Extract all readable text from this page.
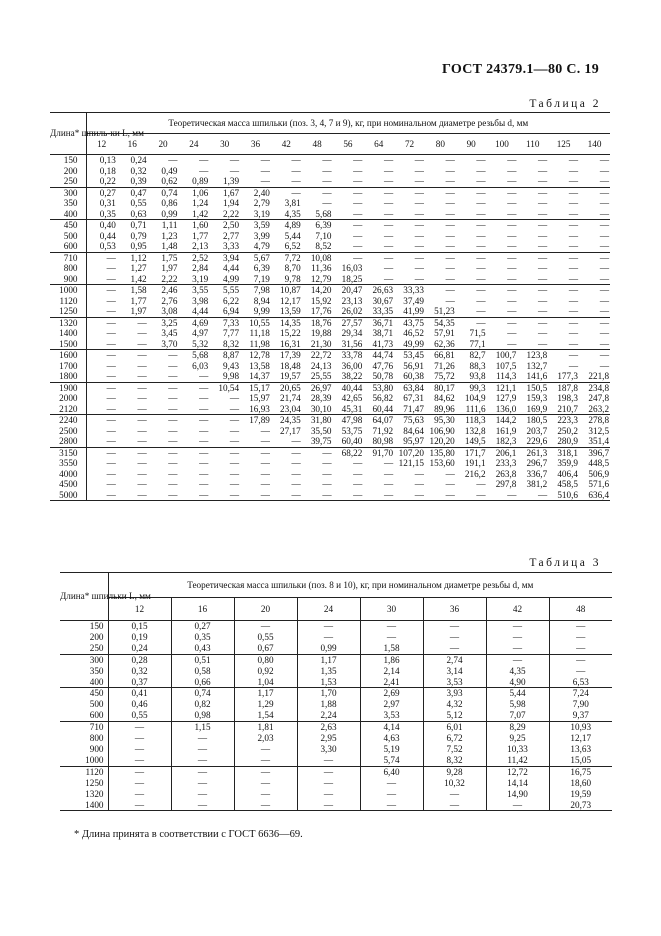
ГОСТ 24379.1—80 С. 19
Таблица 2
Длина* шпиль-ки L, мм	Теоретическая масса шпильки (поз. 3, 4, 7 и 9), кг, при номинальном диаметре резьбы d, мм																
	12	16	20	24	30	36	42	48	56	64	72	80	90	100	110	125	140
150	0,13	0,24	—	—	—	—	—	—	—	—	—	—	—	—	—	—	—
200	0,18	0,32	0,49	—	—	—	—	—	—	—	—	—	—	—	—	—	—
250	0,22	0,39	0,62	0,89	1,39	—	—	—	—	—	—	—	—	—	—	—	—
300	0,27	0,47	0,74	1,06	1,67	2,40	—	—	—	—	—	—	—	—	—	—	—
350	0,31	0,55	0,86	1,24	1,94	2,79	3,81	—	—	—	—	—	—	—	—	—	—
400	0,35	0,63	0,99	1,42	2,22	3,19	4,35	5,68	—	—	—	—	—	—	—	—	—
450	0,40	0,71	1,11	1,60	2,50	3,59	4,89	6,39	—	—	—	—	—	—	—	—	—
500	0,44	0,79	1,23	1,77	2,77	3,99	5,44	7,10	—	—	—	—	—	—	—	—	—
600	0,53	0,95	1,48	2,13	3,33	4,79	6,52	8,52	—	—	—	—	—	—	—	—	—
710	—	1,12	1,75	2,52	3,94	5,67	7,72	10,08	—	—	—	—	—	—	—	—	—
800	—	1,27	1,97	2,84	4,44	6,39	8,70	11,36	16,03	—	—	—	—	—	—	—	—
900	—	1,42	2,22	3,19	4,99	7,19	9,78	12,79	18,25	—	—	—	—	—	—	—	—
1000	—	1,58	2,46	3,55	5,55	7,98	10,87	14,20	20,47	26,63	33,33	—	—	—	—	—	—
1120	—	1,77	2,76	3,98	6,22	8,94	12,17	15,92	23,13	30,67	37,49	—	—	—	—	—	—
1250	—	1,97	3,08	4,44	6,94	9,99	13,59	17,76	26,02	33,35	41,99	51,23	—	—	—	—	—
1320	—	—	3,25	4,69	7,33	10,55	14,35	18,76	27,57	36,71	43,75	54,35	—	—	—	—	—
1400	—	—	3,45	4,97	7,77	11,18	15,22	19,88	29,34	38,71	46,52	57,91	71,5	—	—	—	—
1500	—	—	3,70	5,32	8,32	11,98	16,31	21,30	31,56	41,73	49,99	62,36	77,1	—	—	—	—
1600	—	—	—	5,68	8,87	12,78	17,39	22,72	33,78	44,74	53,45	66,81	82,7	100,7	123,8	—	—
1700	—	—	—	6,03	9,43	13,58	18,48	24,13	36,00	47,76	56,91	71,26	88,3	107,5	132,7	—	—
1800	—	—	—	—	9,98	14,37	19,57	25,55	38,22	50,78	60,38	75,72	93,8	114,3	141,6	177,3	221,8
1900	—	—	—	—	10,54	15,17	20,65	26,97	40,44	53,80	63,84	80,17	99,3	121,1	150,5	187,8	234,8
2000	—	—	—	—	—	15,97	21,74	28,39	42,65	56,82	67,31	84,62	104,9	127,9	159,3	198,3	247,8
2120	—	—	—	—	—	16,93	23,04	30,10	45,31	60,44	71,47	89,96	111,6	136,0	169,9	210,7	263,2
2240	—	—	—	—	—	17,89	24,35	31,80	47,98	64,07	75,63	95,30	118,3	144,2	180,5	223,3	278,8
2500	—	—	—	—	—	—	27,17	35,50	53,75	71,92	84,64	106,90	132,8	161,9	203,7	250,2	312,5
2800	—	—	—	—	—	—	—	39,75	60,40	80,98	95,97	120,20	149,5	182,3	229,6	280,9	351,4
3150	—	—	—	—	—	—	—	—	68,22	91,70	107,20	135,80	171,7	206,1	261,3	318,1	396,7
3550	—	—	—	—	—	—	—	—	—	—	121,15	153,60	191,1	233,3	296,7	359,9	448,5
4000	—	—	—	—	—	—	—	—	—	—	—	—	216,2	263,8	336,7	406,4	506,9
4500	—	—	—	—	—	—	—	—	—	—	—	—	—	297,8	381,2	458,5	571,6
5000	—	—	—	—	—	—	—	—	—	—	—	—	—	—	—	510,6	636,4
Таблица 3
Длина* шпильки L, мм	Теоретическая масса шпильки (поз. 8 и 10), кг, при номинальном диаметре резьбы d, мм							
	12	16	20	24	30	36	42	48
150	0,15	0,27	—	—	—	—	—	—
200	0,19	0,35	0,55	—	—	—	—	—
250	0,24	0,43	0,67	0,99	1,58	—	—	—
300	0,28	0,51	0,80	1,17	1,86	2,74	—	—
350	0,32	0,58	0,92	1,35	2,14	3,14	4,35	—
400	0,37	0,66	1,04	1,53	2,41	3,53	4,90	6,53
450	0,41	0,74	1,17	1,70	2,69	3,93	5,44	7,24
500	0,46	0,82	1,29	1,88	2,97	4,32	5,98	7,90
600	0,55	0,98	1,54	2,24	3,53	5,12	7,07	9,37
710	—	1,15	1,81	2,63	4,14	6,01	8,29	10,93
800	—	—	2,03	2,95	4,63	6,72	9,25	12,17
900	—	—	—	3,30	5,19	7,52	10,33	13,63
1000	—	—	—	—	5,74	8,32	11,42	15,05
1120	—	—	—	—	6,40	9,28	12,72	16,75
1250	—	—	—	—	—	10,32	14,14	18,60
1320	—	—	—	—	—	—	14,90	19,59
1400	—	—	—	—	—	—	—	20,73
* Длина принята в соответствии с ГОСТ 6636—69.
